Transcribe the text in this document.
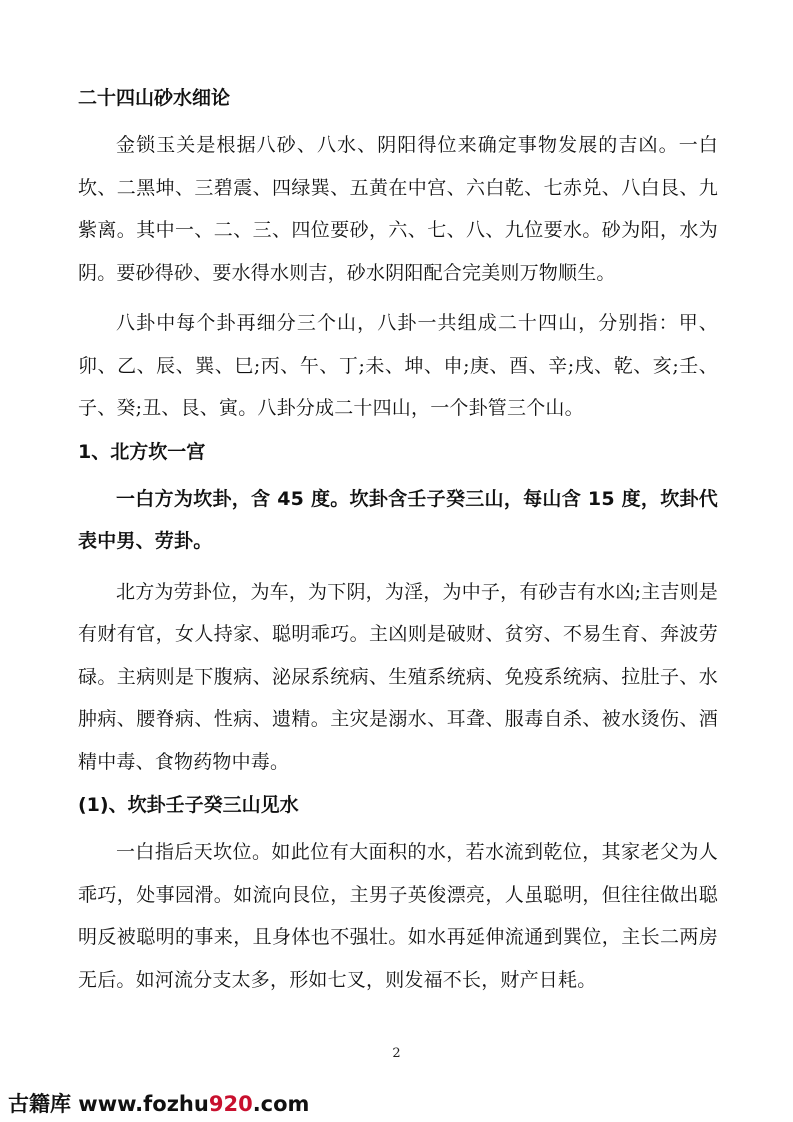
二十四山砂水细论

金锁玉关是根据八砂、八水、阴阳得位来确定事物发展的吉凶。一白坎、二黑坤、三碧震、四绿巽、五黄在中宫、六白乾、七赤兑、八白艮、九紫离。其中一、二、三、四位要砂，六、七、八、九位要水。砂为阳，水为阴。要砂得砂、要水得水则吉，砂水阴阳配合完美则万物顺生。

八卦中每个卦再细分三个山，八卦一共组成二十四山，分别指：甲、卯、乙、辰、巽、巳;丙、午、丁;未、坤、申;庚、酉、辛;戌、乾、亥;壬、子、癸;丑、艮、寅。八卦分成二十四山，一个卦管三个山。

1、北方坎一宫

一白方为坎卦，含 45 度。坎卦含壬子癸三山，每山含 15 度，坎卦代表中男、劳卦。

北方为劳卦位，为车，为下阴，为淫，为中子，有砂吉有水凶;主吉则是有财有官，女人持家、聪明乖巧。主凶则是破财、贫穷、不易生育、奔波劳碌。主病则是下腹病、泌尿系统病、生殖系统病、免疫系统病、拉肚子、水肿病、腰脊病、性病、遗精。主灾是溺水、耳聋、服毒自杀、被水烫伤、酒精中毒、食物药物中毒。

(1)、坎卦壬子癸三山见水

一白指后天坎位。如此位有大面积的水，若水流到乾位，其家老父为人乖巧，处事园滑。如流向艮位，主男子英俊漂亮，人虽聪明，但往往做出聪明反被聪明的事来，且身体也不强壮。如水再延伸流通到巽位，主长二两房无后。如河流分支太多，形如七叉，则发福不长，财产日耗。

2
古籍库 www.fozhu920.com
